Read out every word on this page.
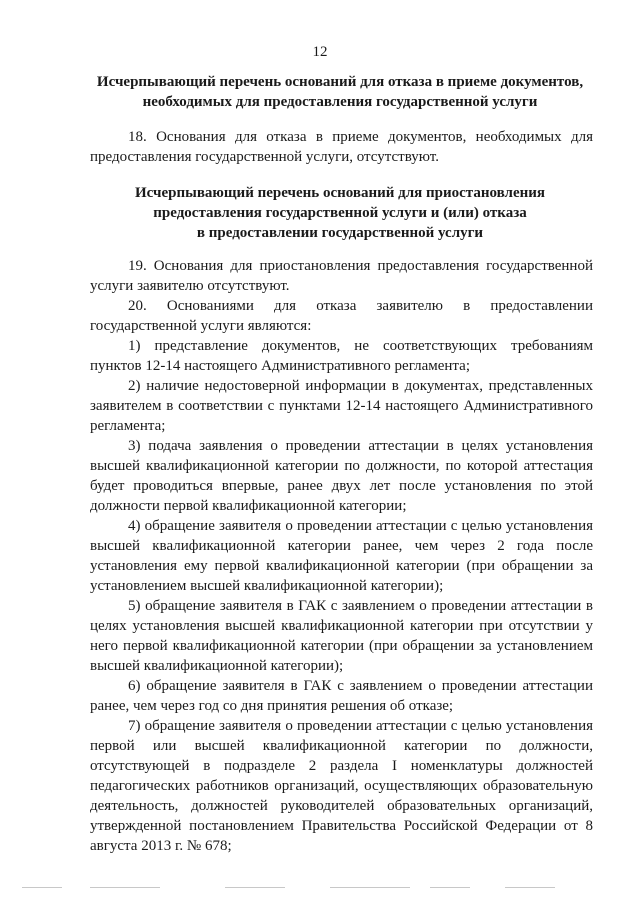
12
Исчерпывающий перечень оснований для отказа в приеме документов,
необходимых для предоставления государственной услуги

18. Основания для отказа в приеме документов, необходимых для предоставления государственной услуги, отсутствуют.

Исчерпывающий перечень оснований для приостановления
предоставления государственной услуги и (или) отказа
в предоставлении государственной услуги

19. Основания для приостановления предоставления государственной услуги заявителю отсутствуют.

20. Основаниями для отказа заявителю в предоставлении государственной услуги являются:

1) представление документов, не соответствующих требованиям пунктов 12-14 настоящего Административного регламента;

2) наличие недостоверной информации в документах, представленных заявителем в соответствии с пунктами 12-14 настоящего Административного регламента;

3) подача заявления о проведении аттестации в целях установления высшей квалификационной категории по должности, по которой аттестация будет проводиться впервые, ранее двух лет после установления по этой должности первой квалификационной категории;

4) обращение заявителя о проведении аттестации с целью установления высшей квалификационной категории ранее, чем через 2 года после установления ему первой квалификационной категории (при обращении за установлением высшей квалификационной категории);

5) обращение заявителя в ГАК с заявлением о проведении аттестации в целях установления высшей квалификационной категории при отсутствии у него первой квалификационной категории (при обращении за установлением высшей квалификационной категории);

6) обращение заявителя в ГАК с заявлением о проведении аттестации ранее, чем через год со дня принятия решения об отказе;

7) обращение заявителя о проведении аттестации с целью установления первой или высшей квалификационной категории по должности, отсутствующей в подразделе 2 раздела I номенклатуры должностей педагогических работников организаций, осуществляющих образовательную деятельность, должностей руководителей образовательных организаций, утвержденной постановлением Правительства Российской Федерации от 8 августа 2013 г. № 678;
